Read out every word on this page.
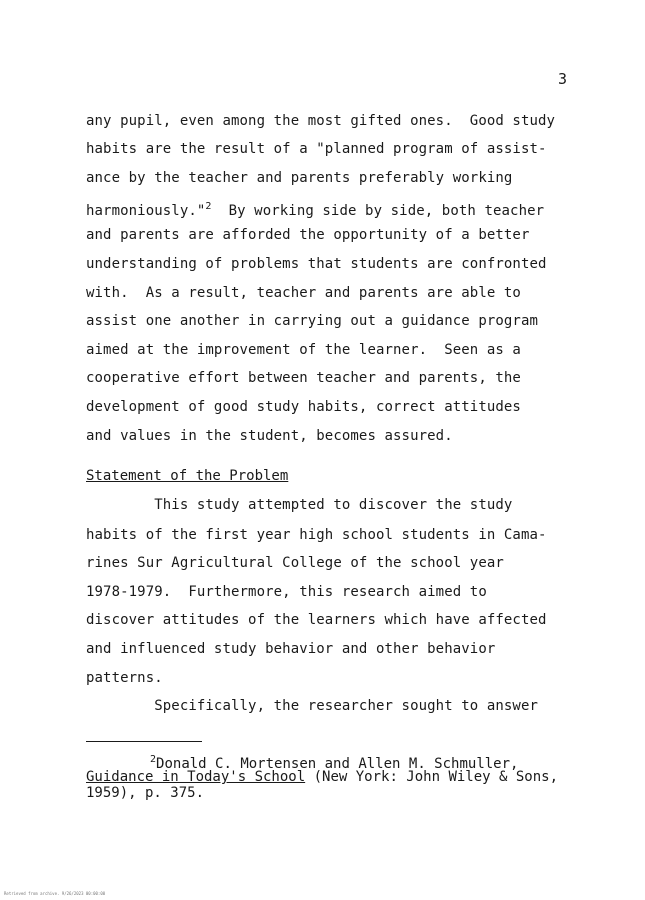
3
any pupil, even among the most gifted ones.  Good study
habits are the result of a "planned program of assist-
ance by the teacher and parents preferably working
harmoniously."$^2$  By working side by side, both teacher
and parents are afforded the opportunity of a better
understanding of problems that students are confronted
with.  As a result, teacher and parents are able to
assist one another in carrying out a guidance program
aimed at the improvement of the learner.  Seen as a
cooperative effort between teacher and parents, the
development of good study habits, correct attitudes
and values in the student, becomes assured.
Statement of the Problem
This study attempted to discover the study
habits of the first year high school students in Cama-
rines Sur Agricultural College of the school year
1978-1979.  Furthermore, this research aimed to
discover attitudes of the learners which have affected
and influenced study behavior and other behavior
patterns.
Specifically, the researcher sought to answer
$^2$Donald C. Mortensen and Allen M. Schmuller,
Guidance in Today's School (New York: John Wiley & Sons,
1959), p. 375.
Retrieved from archive. 9/26/2023 00:00:00
